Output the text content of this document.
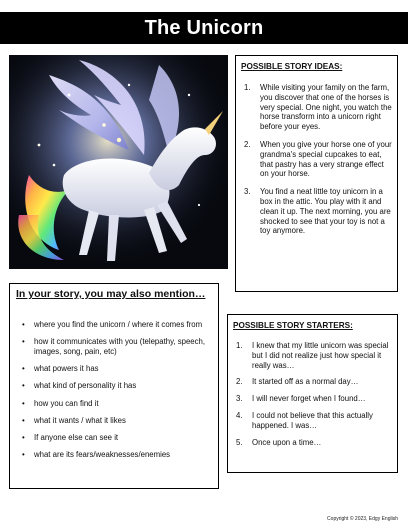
The Unicorn
POSSIBLE STORY IDEAS:
1.	While visiting your family on the farm, you discover that one of the horses is very special. One night, you watch the horse transform into a unicorn right before your eyes.
2.	When you give your horse one of your grandma's special cupcakes to eat, that pastry has a very strange effect on your horse.
3.	You find a neat little toy unicorn in a box in the attic. You play with it and clean it up. The next morning, you are shocked to see that your toy is not a toy anymore.
In your story, you may also mention…
•	where you find the unicorn / where it comes from
•	how it communicates with you (telepathy, speech, images, song, pain, etc)
•	what powers it has
•	what kind of personality it has
•	how you can find it
•	what it wants / what it likes
•	If anyone else can see it
•	what are its fears/weaknesses/enemies
POSSIBLE STORY STARTERS:
1.	I knew that my little unicorn was special but I did not realize just how special it really was…
2.	It started off as a normal day…
3.	I will never forget when I found…
4.	I could not believe that this actually happened. I was…
5.	Once upon a time…
Copyright © 2023, Edgy English
